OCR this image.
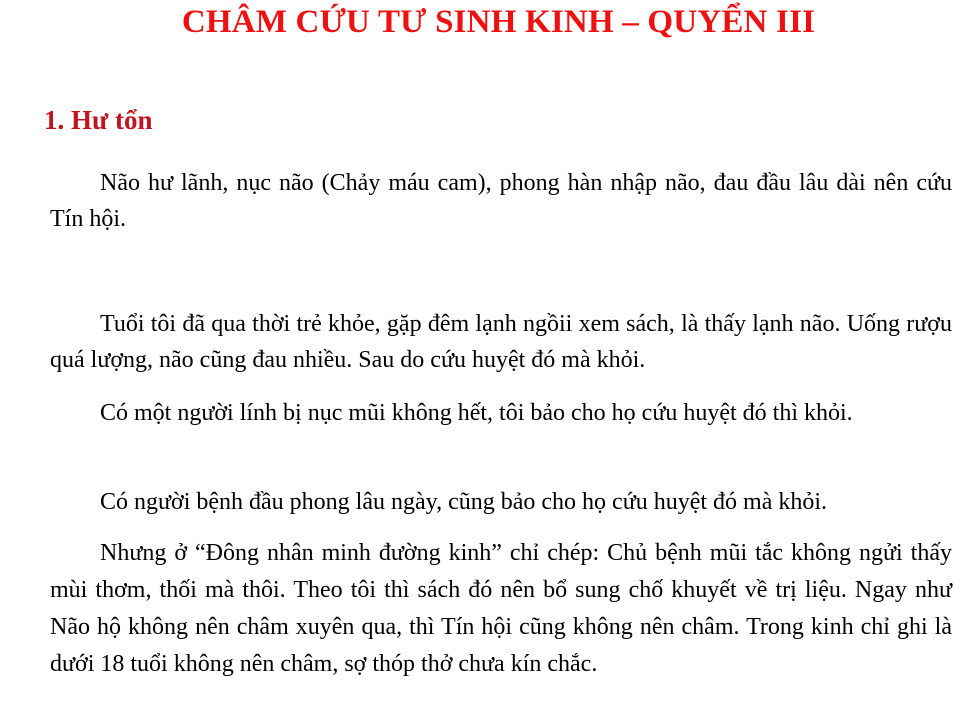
CHÂM CỨU TƯ SINH KINH – QUYỂN III
1. Hư tổn

Não hư lãnh, nục não (Chảy máu cam), phong hàn nhập não, đau đầu lâu dài nên cứu Tín hội.

Tuổi tôi đã qua thời trẻ khỏe, gặp đêm lạnh ngồii xem sách, là thấy lạnh não. Uống rượu quá lượng, não cũng đau nhiều. Sau do cứu huyệt đó mà khỏi.

Có một người lính bị nục mũi không hết, tôi bảo cho họ cứu huyệt đó thì khỏi.

Có người bệnh đầu phong lâu ngày, cũng bảo cho họ cứu huyệt đó mà khỏi.

Nhưng ở “Đông nhân minh đường kinh” chỉ chép: Chủ bệnh mũi tắc không ngửi thấy mùi thơm, thối mà thôi. Theo tôi thì sách đó nên bổ sung chố khuyết về trị liệu. Ngay như Não hộ không nên châm xuyên qua, thì Tín hội cũng không nên châm. Trong kinh chỉ ghi là dưới 18 tuổi không nên châm, sợ thóp thở chưa kín chắc.
